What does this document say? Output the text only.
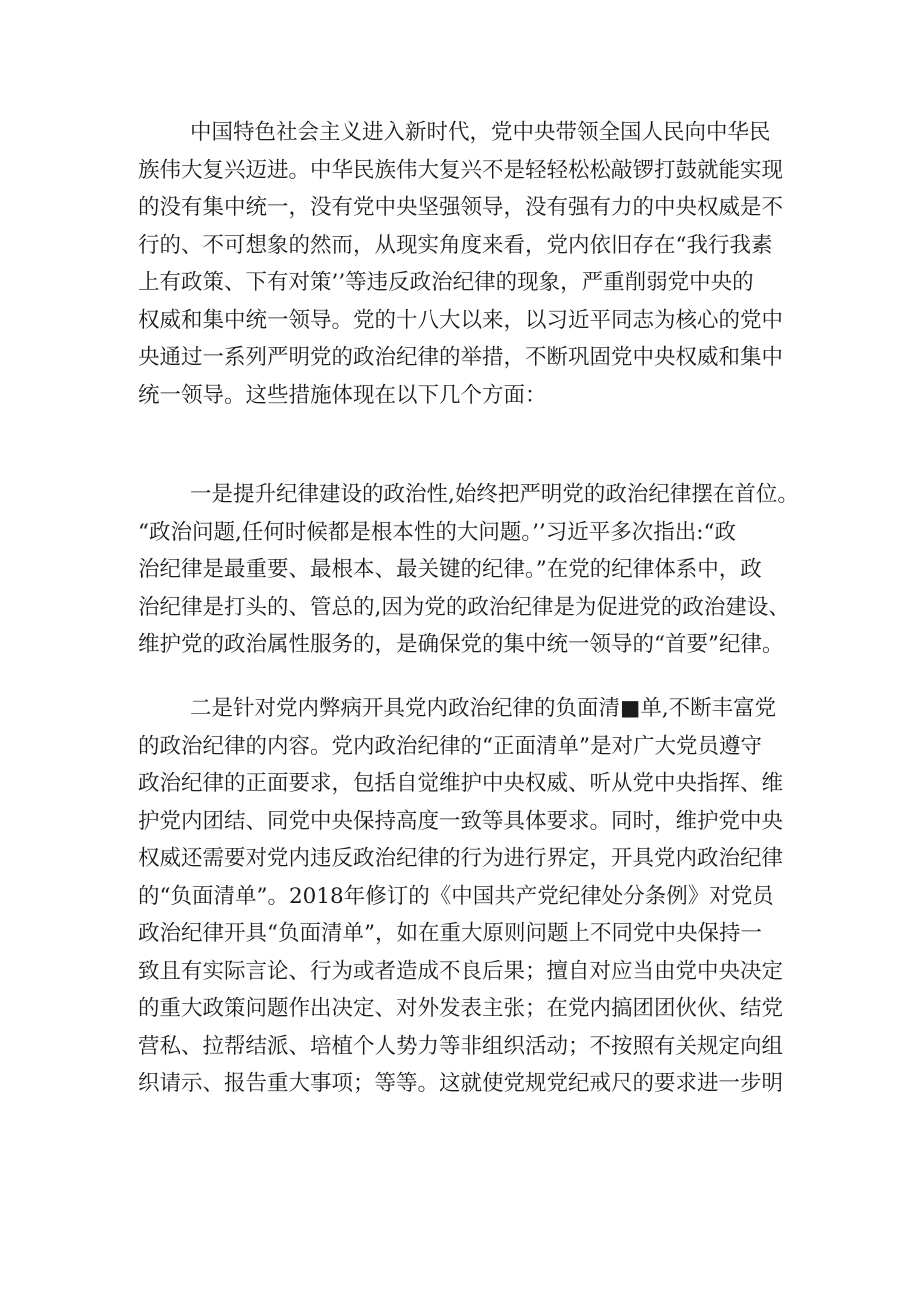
中国特色社会主义进入新时代，党中央带领全国人民向中华民
族伟大复兴迈进。中华民族伟大复兴不是轻轻松松敲锣打鼓就能实现
的没有集中统一，没有党中央坚强领导，没有强有力的中央权威是不
行的、不可想象的然而，从现实角度来看，党内依旧存在“我行我素
上有政策、下有对策’’等违反政治纪律的现象，严重削弱党中央的
权威和集中统一领导。党的十八大以来，以习近平同志为核心的党中
央通过一系列严明党的政治纪律的举措，不断巩固党中央权威和集中
统一领导。这些措施体现在以下几个方面：
一是提升纪律建设的政治性,始终把严明党的政治纪律摆在首位。
“政治问题,任何时候都是根本性的大问题。’’习近平多次指出:“政
治纪律是最重要、最根本、最关键的纪律。”在党的纪律体系中，政
治纪律是打头的、管总的,因为党的政治纪律是为促进党的政治建设、
维护党的政治属性服务的，是确保党的集中统一领导的“首要”纪律。
二是针对党内弊病开具党内政治纪律的负面清■单,不断丰富党
的政治纪律的内容。党内政治纪律的“正面清单”是对广大党员遵守
政治纪律的正面要求，包括自觉维护中央权威、听从党中央指挥、维
护党内团结、同党中央保持高度一致等具体要求。同时，维护党中央
权威还需要对党内违反政治纪律的行为进行界定，开具党内政治纪律
的“负面清单”。2018年修订的《中国共产党纪律处分条例》对党员
政治纪律开具“负面清单”，如在重大原则问题上不同党中央保持一
致且有实际言论、行为或者造成不良后果；擅自对应当由党中央决定
的重大政策问题作出决定、对外发表主张；在党内搞团团伙伙、结党
营私、拉帮结派、培植个人势力等非组织活动；不按照有关规定向组
织请示、报告重大事项；等等。这就使党规党纪戒尺的要求进一步明
